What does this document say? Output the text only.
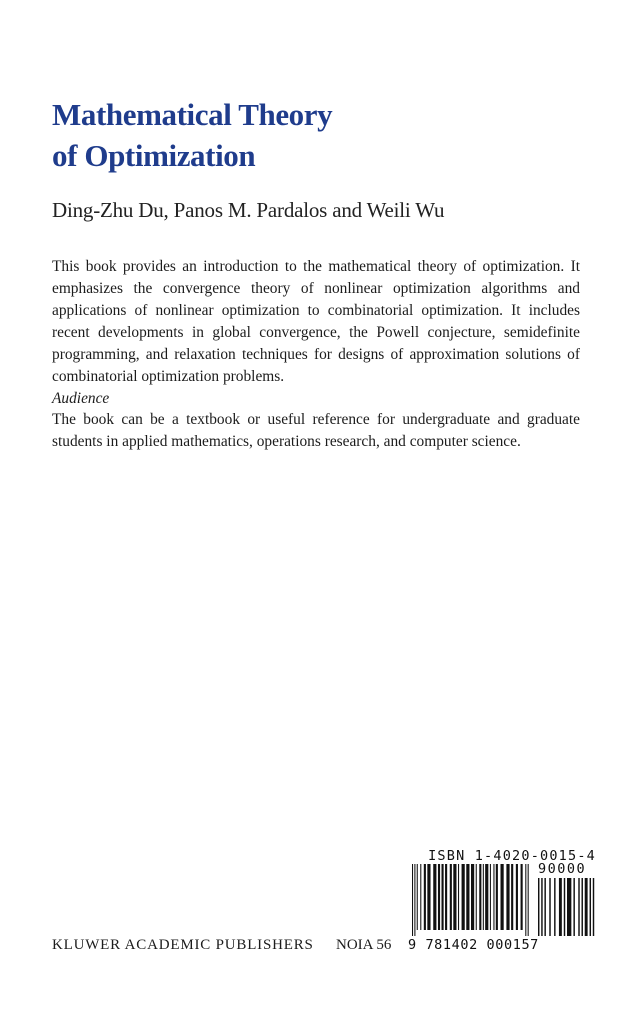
Mathematical Theory
of Optimization
Ding-Zhu Du, Panos M. Pardalos and Weili Wu

This book provides an introduction to the mathematical theory of optimization. It emphasizes the convergence theory of nonlinear optimization algorithms and applications of nonlinear optimization to combinatorial optimization. It includes recent developments in global convergence, the Powell conjecture, semidefinite programming, and relaxation techniques for designs of approximation solutions of combinatorial optimization problems.

Audience

The book can be a textbook or useful reference for undergraduate and graduate students in applied mathematics, operations research, and computer science.

ISBN 1-4020-0015-4
9 781402 000157
90000
KLUWER ACADEMIC PUBLISHERS NOIA 56
